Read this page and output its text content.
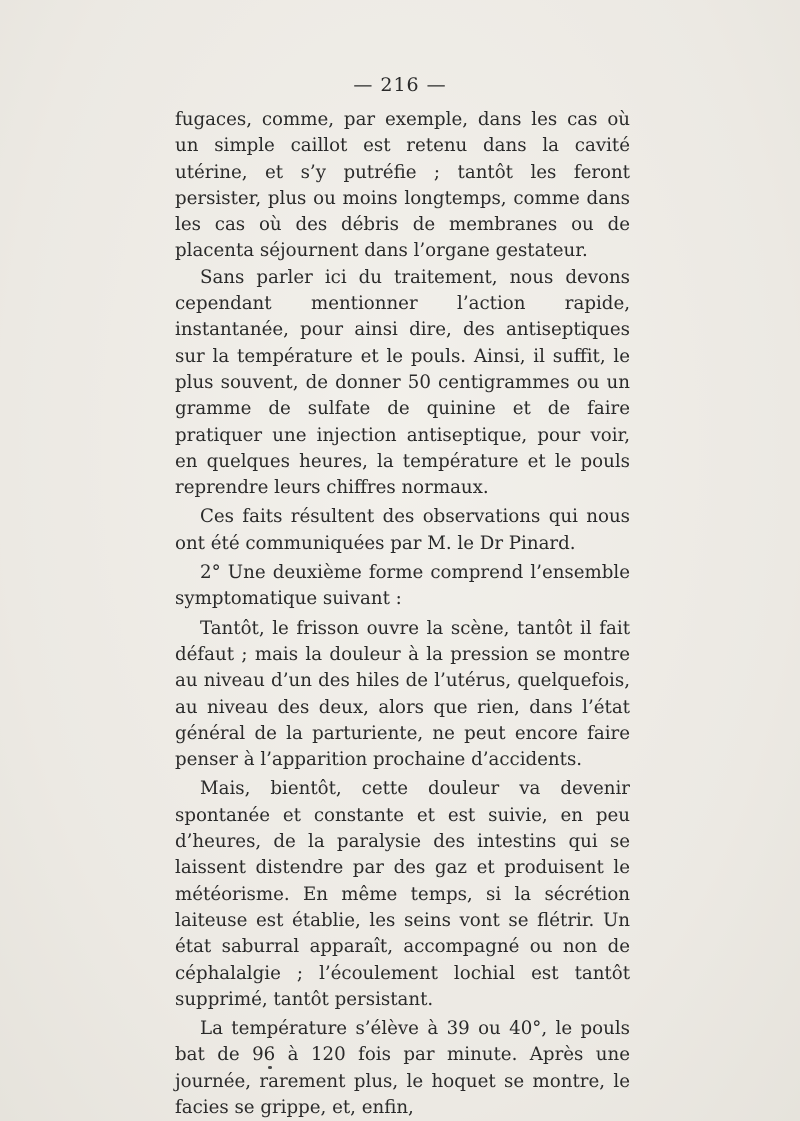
— 216 —

fugaces, comme, par exemple, dans les cas où un simple caillot est retenu dans la cavité utérine, et s’y putréfie ; tantôt les feront persister, plus ou moins longtemps, comme dans les cas où des débris de membranes ou de placenta séjournent dans l’organe gestateur.

Sans parler ici du traitement, nous devons cependant mentionner l’action rapide, instantanée, pour ainsi dire, des antiseptiques sur la température et le pouls. Ainsi, il suffit, le plus souvent, de donner 50 centigrammes ou un gramme de sulfate de quinine et de faire pratiquer une injection antiseptique, pour voir, en quelques heures, la température et le pouls reprendre leurs chiffres normaux.

Ces faits résultent des observations qui nous ont été communiquées par M. le Dr Pinard.

2° Une deuxième forme comprend l’ensemble symptomatique suivant :

Tantôt, le frisson ouvre la scène, tantôt il fait défaut ; mais la douleur à la pression se montre au niveau d’un des hiles de l’utérus, quelquefois, au niveau des deux, alors que rien, dans l’état général de la parturiente, ne peut encore faire penser à l’apparition prochaine d’accidents.

Mais, bientôt, cette douleur va devenir spontanée et constante et est suivie, en peu d’heures, de la paralysie des intestins qui se laissent distendre par des gaz et produisent le météorisme. En même temps, si la sécrétion laiteuse est établie, les seins vont se flétrir. Un état saburral apparaît, accompagné ou non de céphalalgie ; l’écoulement lochial est tantôt supprimé, tantôt persistant.

La température s’élève à 39 ou 40°, le pouls bat de 96 à 120 fois par minute. Après une journée, rarement plus, le hoquet se montre, le facies se grippe, et, enfin,
